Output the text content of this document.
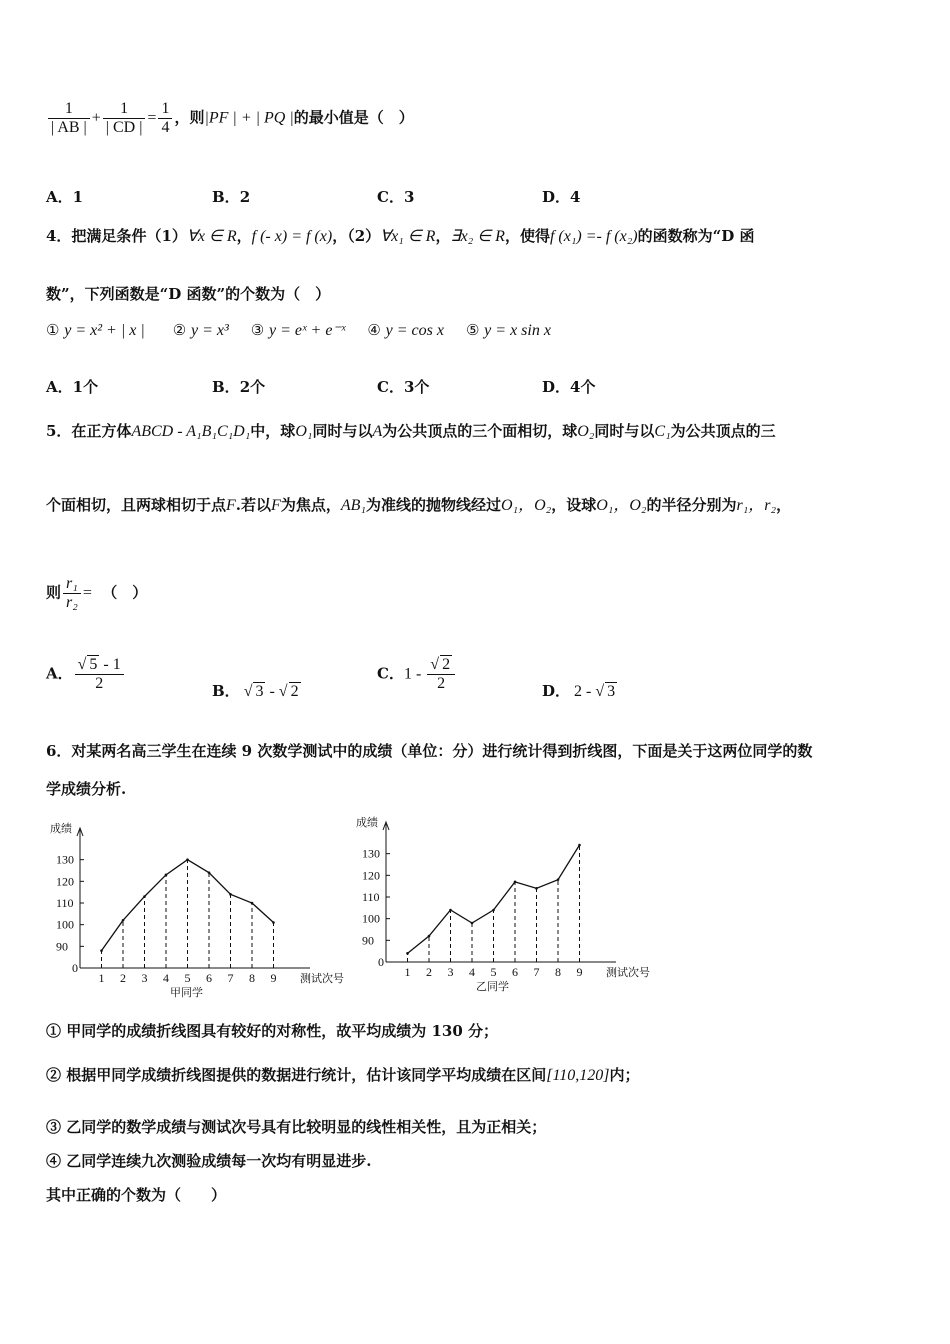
$\frac{1}{| AB |} + \frac{1}{| CD |} = \frac{1}{4}$ ，则|PF | + | PQ |的最小值是（　）
A．1	B．2	C．3	D．4
4．把满足条件（1）∀x ∈ R，f (- x) = f (x)，（2）∀x₁ ∈ R，∃x₂ ∈ R，使得f (x₁) =- f (x₂)的函数称为“D 函
数”，下列函数是“D 函数”的个数为（　）
① y = x² + | x | ② y = x³ ③ y = eˣ + e⁻ˣ ④ y = cos x ⑤ y = x sin x
A．1个	B．2个	C．3个	D．4个
5．在正方体ABCD - A₁B₁C₁D₁中，球O₁同时与以A为公共顶点的三个面相切，球O₂同时与以C₁为公共顶点的三
个面相切，且两球相切于点F.若以F为焦点，AB₁为准线的抛物线经过O₁，O₂，设球O₁，O₂的半径分别为r₁，r₂，
则 $\frac{\text{r₁}}{\text{r₂}}$ = （　）
A． $\frac{√ 5 - 1}{2}$	B． √ 3 - √ 2
C．$1 - \frac{√ 2}{2}$	D． 2 - √ 3
6．对某两名高三学生在连续 9 次数学测试中的成绩（单位：分）进行统计得到折线图，下面是关于这两位同学的数
学成绩分析.
成绩
0
90
100
110
120
130
1 2 3 4 5 6 7 8 9 测试次号
甲同学
成绩
0
90
100
110
120
130
1 2 3 4 5 6 7 8 9 测试次号
乙同学
① 甲同学的成绩折线图具有较好的对称性，故平均成绩为 130 分；
② 根据甲同学成绩折线图提供的数据进行统计，估计该同学平均成绩在区间[110,120]内；
③ 乙同学的数学成绩与测试次号具有比较明显的线性相关性，且为正相关；
④ 乙同学连续九次测验成绩每一次均有明显进步.
其中正确的个数为（　　）
